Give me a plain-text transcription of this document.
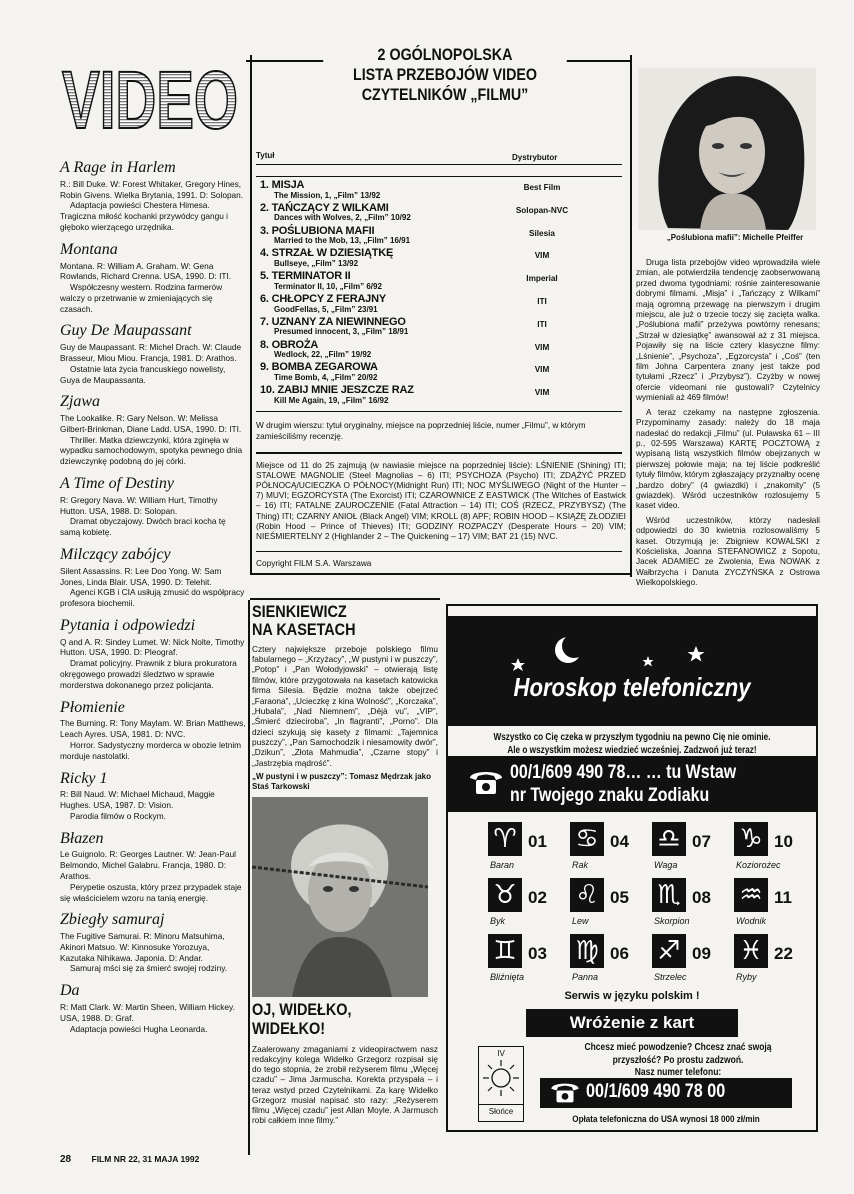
VIDEO
A Rage in Harlem
R.: Bill Duke. W: Forest Whitaker, Gregory Hines, Robin Givens. Wielka Brytania, 1991. D: Solopan.
Adaptacja powieści Chestera Himesa. Tragiczna miłość kochanki przywódcy gangu i głęboko wierzącego urzędnika.
Montana
Montana. R: William A. Graham. W: Gena Rowlands, Richard Crenna. USA, 1990. D: ITI.
Współczesny western. Rodzina farmerów walczy o przetrwanie w zmieniających się czasach.
Guy De Maupassant
Guy de Maupassant. R: Michel Drach. W: Claude Brasseur, Miou Miou. Francja, 1981. D: Arathos.
Ostatnie lata życia francuskiego nowelisty, Guya de Maupassanta.
Zjawa
The Lookalike. R: Gary Nelson. W: Melissa Gilbert-Brinkman, Diane Ladd. USA, 1990. D: ITI.
Thriller. Matka dziewczynki, która zginęła w wypadku samochodowym, spotyka pewnego dnia dziewczynkę podobną do jej córki.
A Time of Destiny
R: Gregory Nava. W: William Hurt, Timothy Hutton. USA, 1988. D: Solopan.
Dramat obyczajowy. Dwóch braci kocha tę samą kobietę.
Milczący zabójcy
Silent Assassins. R: Lee Doo Yong. W: Sam Jones, Linda Blair. USA, 1990. D: Telehit.
Agenci KGB i CIA usiłują zmusić do współpracy profesora biochemii.
Pytania i odpowiedzi
Q and A. R: Sindey Lumet. W: Nick Nolte, Timothy Hutton. USA, 1990. D: Pleograf.
Dramat policyjny. Prawnik z biura prokuratora okręgowego prowadzi śledztwo w sprawie morderstwa dokonanego przez policjanta.
Płomienie
The Burning. R: Tony Maylam. W: Brian Matthews, Leach Ayres. USA, 1981. D: NVC.
Horror. Sadystyczny morderca w obozie letnim morduje nastolatki.
Ricky 1
R: Bill Naud. W: Michael Michaud, Maggie Hughes. USA, 1987. D: Vision.
Parodia filmów o Rockym.
Błazen
Le Guignolo. R: Georges Lautner. W: Jean-Paul Belmondo, Michel Galabru. Francja, 1980. D: Arathos.
Perypetie oszusta, który przez przypadek staje się właścicielem wzoru na tanią energię.
Zbiegły samuraj
The Fugitive Samurai. R: Minoru Matsuhima, Akinori Matsuo. W: Kinnosuke Yorozuya, Kazutaka Nihikawa. Japonia. D: Andar.
Samuraj mści się za śmierć swojej rodziny.
Da
R: Matt Clark. W: Martin Sheen, William Hickey. USA, 1988. D: Graf.
Adaptacja powieści Hugha Leonarda.
2 OGÓLNOPOLSKA
LISTA PRZEBOJÓW VIDEO
CZYTELNIKÓW „FILMU”
Tytuł	Dystrybutor
1. MISJA
The Mission, 1, „Film” 13/92
Best Film
2. TAŃCZĄCY Z WILKAMI
Dances with Wolves, 2, „Film” 10/92
Solopan-NVC
3. POŚLUBIONA MAFII
Married to the Mob, 13, „Film” 16/91
Silesia
4. STRZAŁ W DZIESIĄTKĘ
Bullseye, „Film” 13/92
VIM
5. TERMINATOR II
Terminator II, 10, „Film” 6/92
Imperial
6. CHŁOPCY Z FERAJNY
GoodFellas, 5, „Film” 23/91
ITI
7. UZNANY ZA NIEWINNEGO
Presumed innocent, 3, „Film” 18/91
ITI
8. OBROŻA
Wedlock, 22, „Film” 19/92
VIM
9. BOMBA ZEGAROWA
Time Bomb, 4, „Film” 20/92
VIM
10. ZABIJ MNIE JESZCZE RAZ
Kill Me Again, 19, „Film” 16/92
VIM
W drugim wierszu: tytuł oryginalny, miejsce na poprzedniej liście, numer „Filmu”, w którym zamieściliśmy recenzję.
Miejsce od 11 do 25 zajmują (w nawiasie miejsce na poprzedniej liście): LŚNIENIE (Shining) ITI; STALOWE MAGNOLIE (Steel Magnolias – 6) ITI; PSYCHOZA (Psycho) ITI; ZDĄŻYĆ PRZED PÓŁNOCĄ/UCIECZKA O PÓŁNOCY(Midnight Run) ITI; NOC MYŚLIWEGO (Night of the Hunter – 7) MUVI; EGZORCYSTA (The Exorcist) ITI; CZAROWNICE Z EASTWICK (The Witches of Eastwick – 16) ITI; FATALNE ZAUROCZENIE (Fatal Attraction – 14) ITI; COŚ (RZECZ, PRZYBYSZ) (The Thing) ITI; CZARNY ANIOŁ (Black Angel) VIM; KROLL (8) APF; ROBIN HOOD – KSIĄŻĘ ZŁODZIEI (Robin Hood – Prince of Thieves) ITI; GODZINY ROZPACZY (Desperate Hours – 20) VIM; NIEŚMIERTELNY 2 (Highlander 2 – The Quickening – 17) VIM; BAT 21 (15) NVC.
Copyright FILM S.A. Warszawa
„Poślubiona mafii”: Michelle Pfeiffer

Druga lista przebojów video wprowadziła wiele zmian, ale potwierdziła tendencję zaobserwowaną przed dwoma tygodniami: rośnie zainteresowanie dobrymi filmami. „Misja” i „Tańczący z Wilkami” mają ogromną przewagę na pierwszym i drugim miejscu, ale już o trzecie toczy się zacięta walka. „Poślubiona mafii” przeżywa powtórny renesans; „Strzał w dziesiątkę” awansował aż z 31 miejsca. Pojawiły się na liście cztery klasyczne filmy: „Lśnienie”, „Psychoza”, „Egzorcysta” i „Coś” (ten film Johna Carpentera znany jest także pod tytułami „Rzecz” i „Przybysz”). Czyżby w nowej ofercie videomani nie gustowali? Czytelnicy wymieniali aż 469 filmów!

A teraz czekamy na następne zgłoszenia. Przypominamy zasady: należy do 18 maja nadesłać do redakcji „Filmu” (ul. Puławska 61 – III p., 02-595 Warszawa) KARTĘ POCZTOWĄ z wypisaną listą wszystkich filmów obejrzanych w pierwszej połowie maja; na tej liście podkreślić tytuły filmów, którym zgłaszający przyznałby ocenę „bardzo dobry” (4 gwiazdki) i „znakomity” (5 gwiazdek). Wśród uczestników rozlosujemy 5 kaset video.

Wśród uczestników, którzy nadesłali odpowiedzi do 30 kwietnia rozlosowaliśmy 5 kaset. Otrzymują je: Zbigniew KOWALSKI z Kościeliska, Joanna STEFANOWICZ z Sopotu, Jacek ADAMIEC ze Zwolenia, Ewa NOWAK z Wałbrzycha i Danuta ZYCZYŃSKA z Ostrowa Wielkopolskiego.

SIENKIEWICZ
NA KASETACH
Cztery największe przeboje polskiego filmu fabularnego – „Krzyżacy”, „W pustyni i w puszczy”, „Potop” i „Pan Wołodyjowski” – otwierają listę filmów, które przygotowała na kasetach katowicka firma Silesia. Będzie można także obejrzeć „Faraona”, „Ucieczkę z kina Wolność”, „Korczaka”, „Hubala”, „Nad Niemnem”, „Déjà vu”, „VIP”, „Śmierć dzieciroba”, „In flagranti”, „Porno”. Dla dzieci szykują się kasety z filmami: „Tajemnica puszczy”, „Pan Samochodzik i niesamowity dwór”, „Dzikun”, „Złota Mahmudia”, „Czarne stopy” i „Jastrzębia mądrość”.
„W pustyni i w puszczy”: Tomasz Mędrzak jako Staś Tarkowski
OJ, WIDEŁKO,
WIDEŁKO!
Zaalerowany zmaganiami z videopiractwem nasz redakcyjny kolega Widełko Grzegorz rozpisał się do tego stopnia, że zrobił reżyserem filmu „Więcej czadu” – Jima Jarmuscha. Korekta przyspała – i teraz wstyd przed Czytelnikami. Za karę Widełko Grzegorz musiał napisać sto razy: „Reżyserem filmu „Więcej czadu” jest Allan Moyle. A Jarmusch robi całkiem inne filmy.”
Horoskop telefoniczny
Wszystko co Cię czeka w przyszłym tygodniu na pewno Cię nie ominie.
Ale o wszystkim możesz wiedzieć wcześniej. Zadzwoń już teraz!
00/1/609 490 78… … tu Wstaw
nr Twojego znaku Zodiaku
♈ 01
Baran
♋ 04
Rak
♎ 07
Waga
♑ 10
Koziorożec
♉ 02
Byk
♌ 05
Lew
♏ 08
Skorpion
♒ 11
Wodnik
♊ 03
Bliźnięta
♍ 06
Panna
♐ 09
Strzelec
♓ 22
Ryby
Serwis w języku polskim !
Wróżenie z kart
IV
Słońce
Chcesz mieć powodzenie? Chcesz znać swoją
przyszłość? Po prostu zadzwoń.
Nasz numer telefonu:
00/1/609 490 78 00
Opłata telefoniczna do USA wynosi 18 000 zł/min
28 FILM NR 22, 31 MAJA 1992
